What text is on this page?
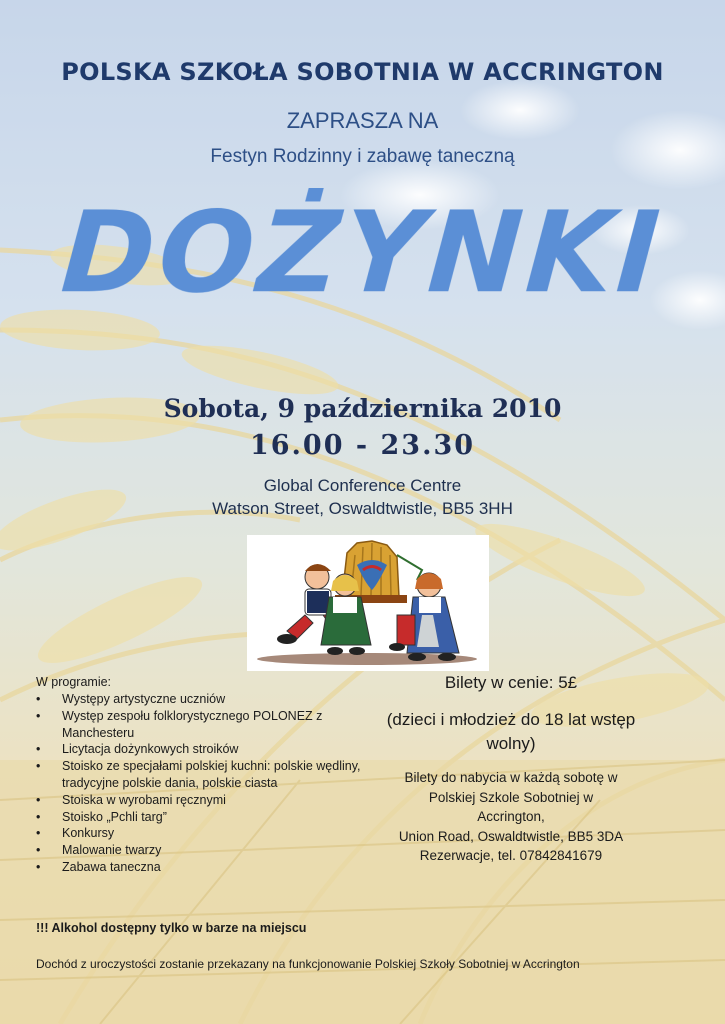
POLSKA SZKOŁA SOBOTNIA W ACCRINGTON
ZAPRASZA NA
Festyn Rodzinny i zabawę taneczną
DOŻYNKI
Sobota, 9 października 2010
16.00 - 23.30
Global Conference Centre
Watson Street, Oswaldtwistle, BB5 3HH
W programie:
• Występy artystyczne uczniów
• Występ zespołu folklorystycznego POLONEZ z Manchesteru
• Licytacja dożynkowych stroików
• Stoisko ze specjałami polskiej kuchni: polskie wędliny, tradycyjne polskie dania, polskie ciasta
• Stoiska w wyrobami ręcznymi
• Stoisko „Pchli targ”
• Konkursy
• Malowanie twarzy
• Zabawa taneczna
Bilety w cenie: 5£
(dzieci i młodzież do 18 lat wstęp wolny)
Bilety do nabycia w każdą sobotę w
Polskiej Szkole Sobotniej w
Accrington,
Union Road, Oswaldtwistle, BB5 3DA
Rezerwacje, tel. 07842841679
!!! Alkohol dostępny tylko w barze na miejscu
Dochód z uroczystości zostanie przekazany na funkcjonowanie Polskiej Szkoły Sobotniej w Accrington
